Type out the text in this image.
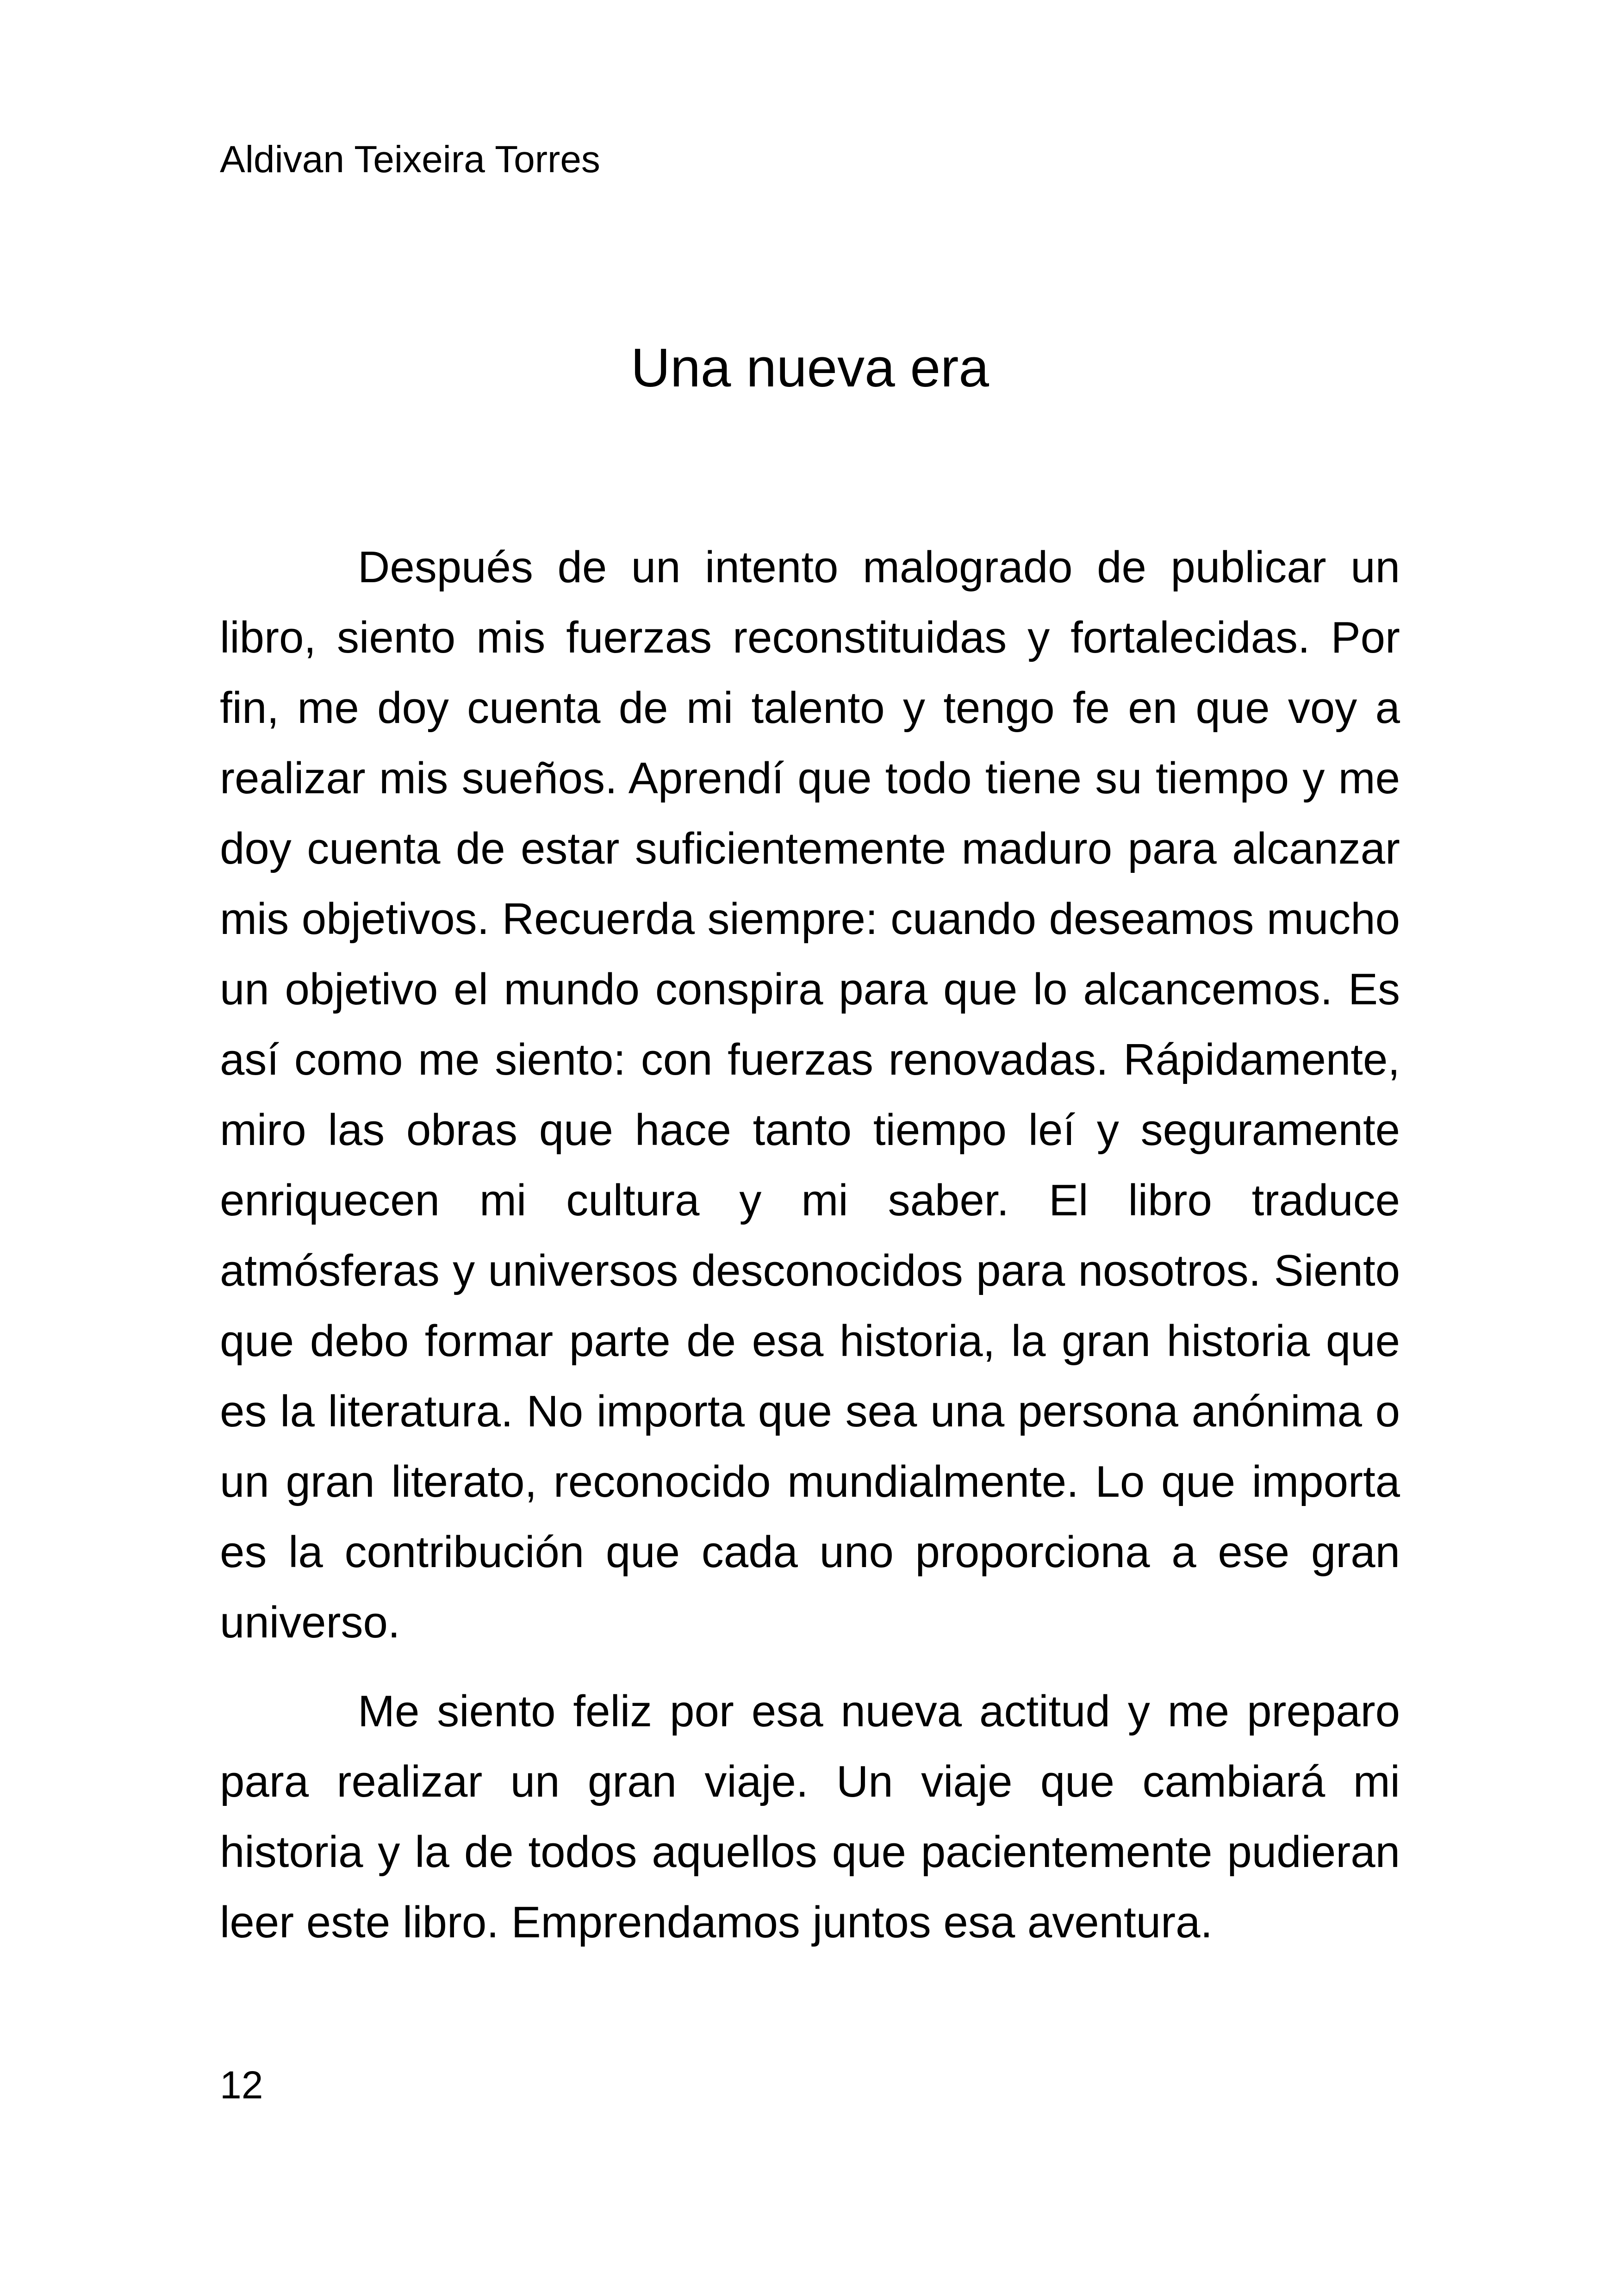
Aldivan Teixeira Torres
Una nueva era

Después de un intento malogrado de publicar un libro, siento mis fuerzas reconstituidas y fortalecidas. Por fin, me doy cuenta de mi talento y tengo fe en que voy a realizar mis sueños. Aprendí que todo tiene su tiempo y me doy cuenta de estar suficientemente maduro para alcanzar mis objetivos. Recuerda siempre: cuando deseamos mucho un objetivo el mundo conspira para que lo alcancemos. Es así como me siento: con fuerzas renovadas. Rápidamente, miro las obras que hace tanto tiempo leí y seguramente enriquecen mi cultura y mi saber. El libro traduce atmósferas y universos desconocidos para nosotros. Siento que debo formar parte de esa historia, la gran historia que es la literatura. No importa que sea una persona anónima o un gran literato, reconocido mundialmente. Lo que importa es la contribución que cada uno proporciona a ese gran universo.

Me siento feliz por esa nueva actitud y me preparo para realizar un gran viaje. Un viaje que cambiará mi historia y la de todos aquellos que pacientemente pudieran leer este libro. Emprendamos juntos esa aventura.

12
